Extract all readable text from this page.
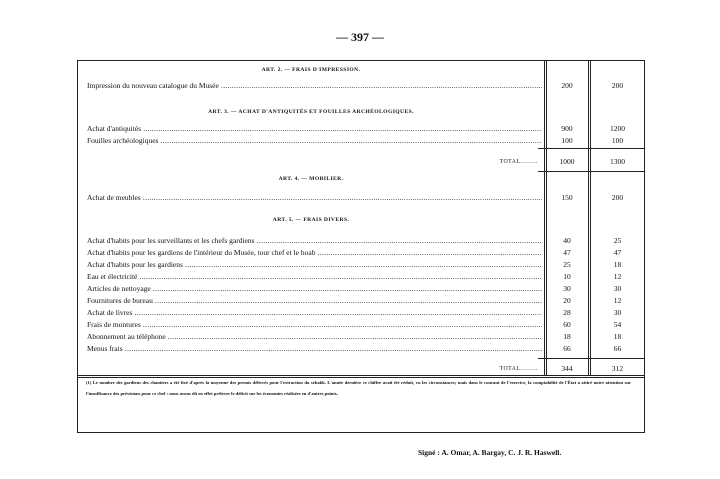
— 397 —
ART. 2. — FRAIS D'IMPRESSION.
Impression du nouveau catalogue du Musée .....	200	200
ART. 3. — ACHAT D'ANTIQUITÉS ET FOUILLES ARCHÉOLOGIQUES.
Achat d'antiquités .....	900	1200
Fouilles archéologiques .....	100	100
TOTAL.........	1000	1300
ART. 4. — MOBILIER.
Achat de meubles .....	150	200
ART. 5. — FRAIS DIVERS.
Achat d'habits pour les surveillants et les chefs gardiens .....	40	25
Achat d'habits pour les gardiens de l'intérieur du Musée, tour chef et le hoab .....	47	47
Achat d'habits pour les gardiens .....	25	18
Eau et électricité .....	10	12
Articles de nettoyage .....	30	30
Fournitures de bureau .....	20	12
Achat de livres .....	28	30
Frais de montures .....	60	54
Abonnement au téléphone .....	18	18
Menus frais .....	66	66
TOTAL.........	344	312
(1) Le nombre des gardiens des chantiers a été fixé d'après la moyenne des permis délivrés pour l'extraction du sebakh. L'année dernière ce chiffre avait été réduit, vu les circonstances; mais dans le courant de l'exercice, la comptabilité de l'État a attiré notre attention sur l'insuffisance des prévisions pour ce chef : nous avons dû en effet prélever le déficit sur les économies réalisées en d'autres points.
Signé : A. Omar, A. Bargay, C. J. R. Haswell.
